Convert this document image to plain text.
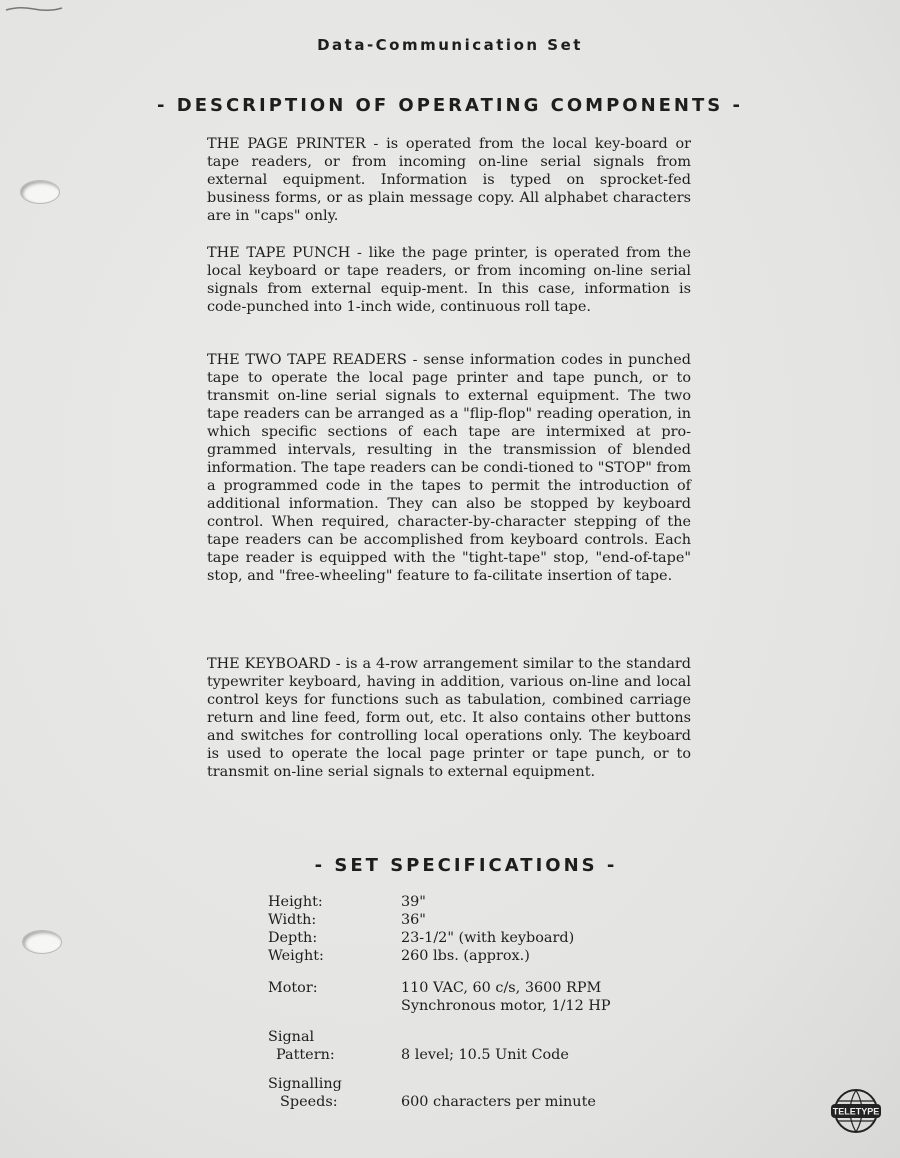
Data-Communication Set
- DESCRIPTION OF OPERATING COMPONENTS -

THE PAGE PRINTER - is operated from the local key-board or tape readers, or from incoming on-line serial signals from external equipment. Information is typed on sprocket-fed business forms, or as plain message copy. All alphabet characters are in "caps" only.

THE TAPE PUNCH - like the page printer, is operated from the local keyboard or tape readers, or from incoming on-line serial signals from external equip-ment. In this case, information is code-punched into 1-inch wide, continuous roll tape.

THE TWO TAPE READERS - sense information codes in punched tape to operate the local page printer and tape punch, or to transmit on-line serial signals to external equipment. The two tape readers can be arranged as a "flip-flop" reading operation, in which specific sections of each tape are intermixed at pro-grammed intervals, resulting in the transmission of blended information. The tape readers can be condi-tioned to "STOP" from a programmed code in the tapes to permit the introduction of additional information. They can also be stopped by keyboard control. When required, character-by-character stepping of the tape readers can be accomplished from keyboard controls. Each tape reader is equipped with the "tight-tape" stop, "end-of-tape" stop, and "free-wheeling" feature to fa-cilitate insertion of tape.

THE KEYBOARD - is a 4-row arrangement similar to the standard typewriter keyboard, having in addition, various on-line and local control keys for functions such as tabulation, combined carriage return and line feed, form out, etc. It also contains other buttons and switches for controlling local operations only. The keyboard is used to operate the local page printer or tape punch, or to transmit on-line serial signals to external equipment.

- SET SPECIFICATIONS -
Height:	39"
Width:	36"
Depth:	23-1/2" (with keyboard)
Weight:	260 lbs. (approx.)
Motor:	110 VAC, 60 c/s, 3600 RPM
Synchronous motor, 1/12 HP
Signal
Pattern:	8 level; 10.5 Unit Code
Signalling
Speeds:	600 characters per minute
TELETYPE
